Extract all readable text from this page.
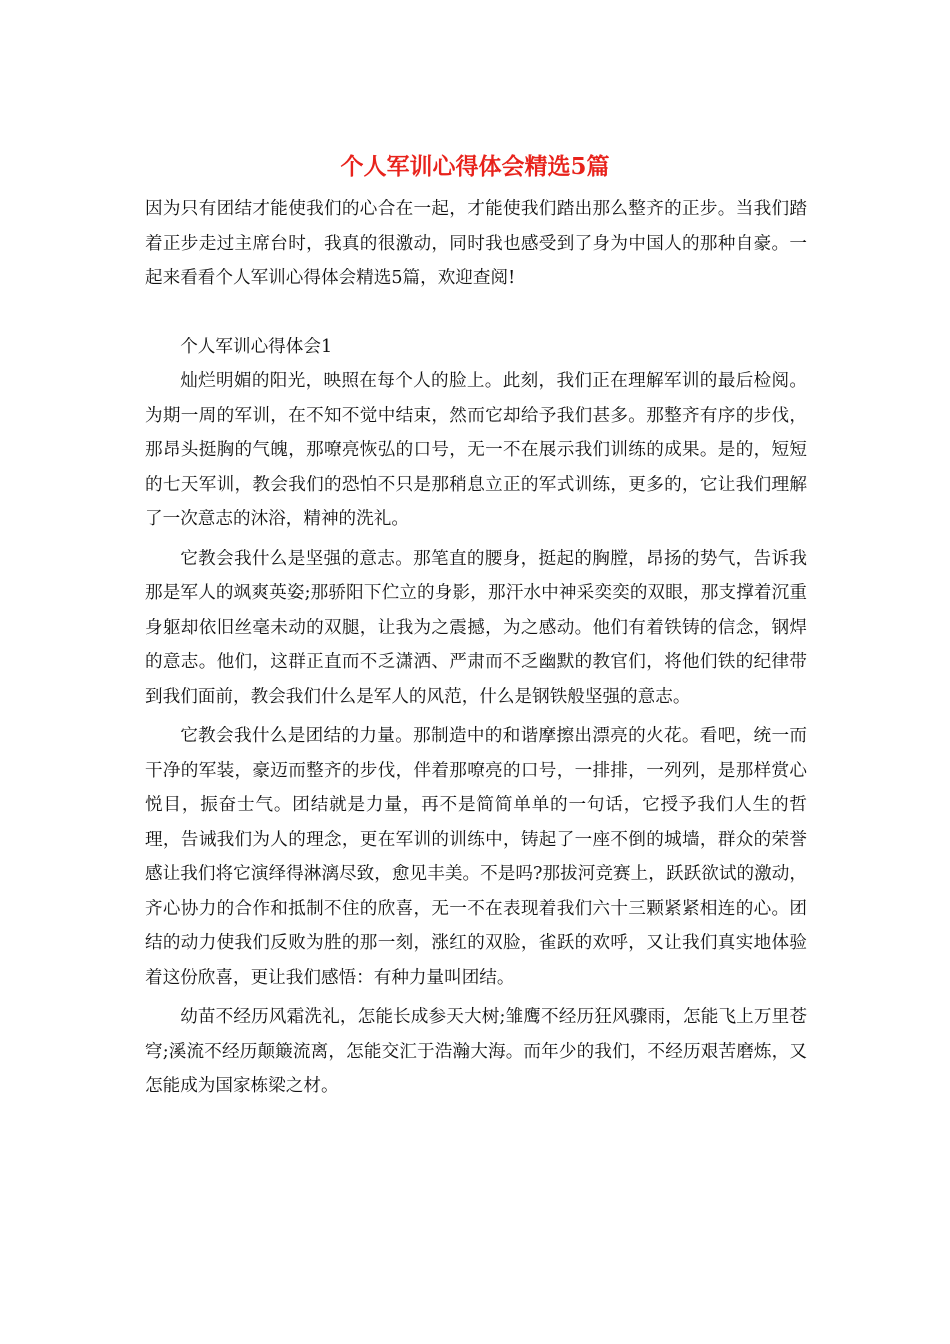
个人军训心得体会精选5篇

因为只有团结才能使我们的心合在一起，才能使我们踏出那么整齐的正步。当我们踏着正步走过主席台时，我真的很激动，同时我也感受到了身为中国人的那种自豪。一起来看看个人军训心得体会精选5篇，欢迎查阅!

个人军训心得体会1

灿烂明媚的阳光，映照在每个人的脸上。此刻，我们正在理解军训的最后检阅。为期一周的军训，在不知不觉中结束，然而它却给予我们甚多。那整齐有序的步伐，那昂头挺胸的气魄，那嘹亮恢弘的口号，无一不在展示我们训练的成果。是的，短短的七天军训，教会我们的恐怕不只是那稍息立正的军式训练，更多的，它让我们理解了一次意志的沐浴，精神的洗礼。

它教会我什么是坚强的意志。那笔直的腰身，挺起的胸膛，昂扬的势气，告诉我那是军人的飒爽英姿;那骄阳下伫立的身影，那汗水中神采奕奕的双眼，那支撑着沉重身躯却依旧丝毫未动的双腿，让我为之震撼，为之感动。他们有着铁铸的信念，钢焊的意志。他们，这群正直而不乏潇洒、严肃而不乏幽默的教官们，将他们铁的纪律带到我们面前，教会我们什么是军人的风范，什么是钢铁般坚强的意志。

它教会我什么是团结的力量。那制造中的和谐摩擦出漂亮的火花。看吧，统一而干净的军装，豪迈而整齐的步伐，伴着那嘹亮的口号，一排排，一列列，是那样赏心悦目，振奋士气。团结就是力量，再不是简简单单的一句话，它授予我们人生的哲理，告诫我们为人的理念，更在军训的训练中，铸起了一座不倒的城墙，群众的荣誉感让我们将它演绎得淋漓尽致，愈见丰美。不是吗?那拔河竞赛上，跃跃欲试的激动，齐心协力的合作和抵制不住的欣喜，无一不在表现着我们六十三颗紧紧相连的心。团结的动力使我们反败为胜的那一刻，涨红的双脸，雀跃的欢呼，又让我们真实地体验着这份欣喜，更让我们感悟：有种力量叫团结。

幼苗不经历风霜洗礼，怎能长成参天大树;雏鹰不经历狂风骤雨，怎能飞上万里苍穹;溪流不经历颠簸流离，怎能交汇于浩瀚大海。而年少的我们，不经历艰苦磨炼，又怎能成为国家栋梁之材。
